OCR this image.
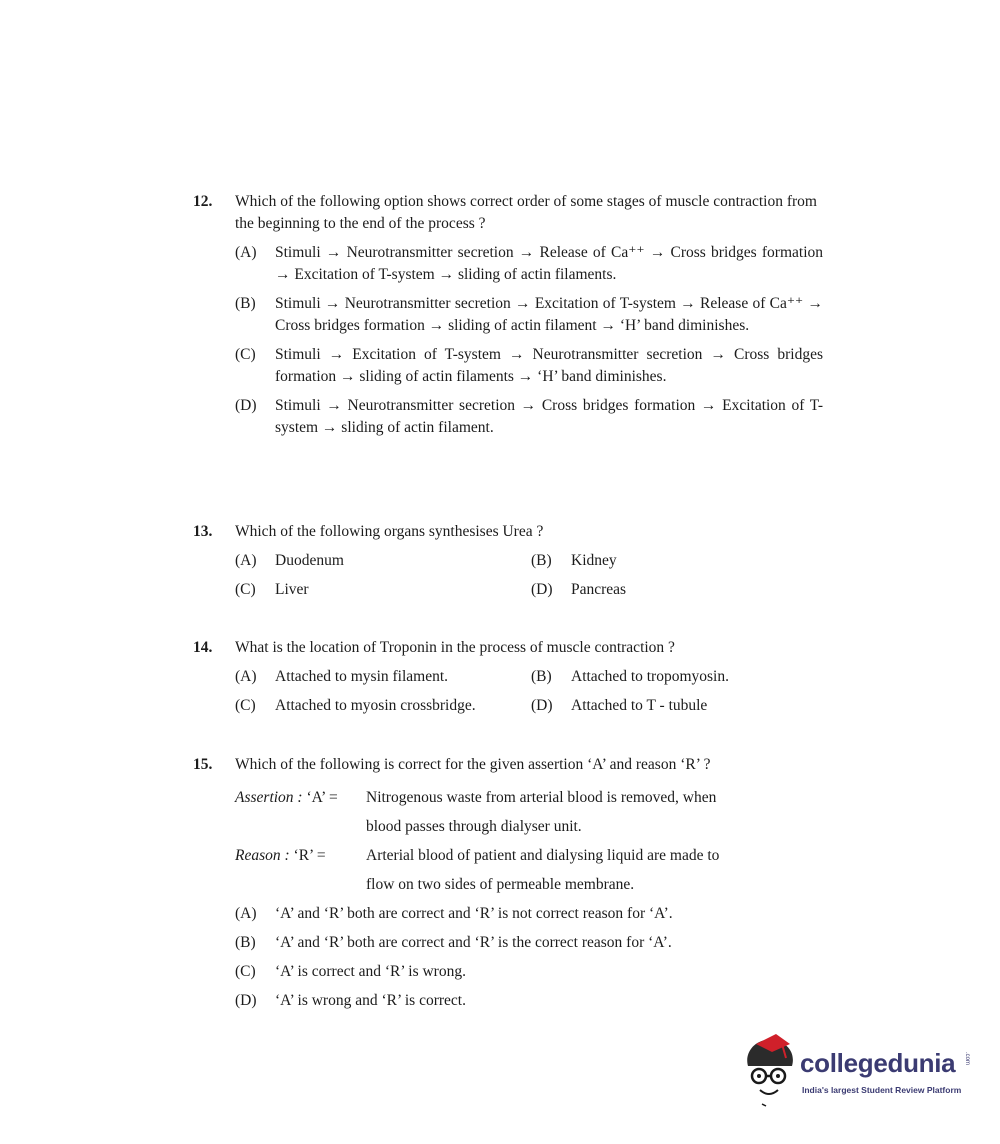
12. Which of the following option shows correct order of some stages of muscle contraction from the beginning to the end of the process ?
(A) Stimuli → Neurotransmitter secretion → Release of Ca⁺⁺ → Cross bridges formation → Excitation of T-system → sliding of actin filaments.
(B) Stimuli → Neurotransmitter secretion → Excitation of T-system → Release of Ca⁺⁺ → Cross bridges formation → sliding of actin filament → ‘H’ band diminishes.
(C) Stimuli → Excitation of T-system → Neurotransmitter secretion → Cross bridges formation → sliding of actin filaments → ‘H’ band diminishes.
(D) Stimuli → Neurotransmitter secretion → Cross bridges formation → Excitation of T-system → sliding of actin filament.
13. Which of the following organs synthesises Urea ?
(A) Duodenum	(B) Kidney
(C) Liver	(D) Pancreas
14. What is the location of Troponin in the process of muscle contraction ?
(A) Attached to mysin filament.	(B) Attached to tropomyosin.
(C) Attached to myosin crossbridge.	(D) Attached to T - tubule
15. Which of the following is correct for the given assertion ‘A’ and reason ‘R’ ?
Assertion : ‘A’ = Nitrogenous waste from arterial blood is removed, when
blood passes through dialyser unit.
Reason : ‘R’ =	Arterial blood of patient and dialysing liquid are made to
flow on two sides of permeable membrane.
(A) ‘A’ and ‘R’ both are correct and ‘R’ is not correct reason for ‘A’.
(B) ‘A’ and ‘R’ both are correct and ‘R’ is the correct reason for ‘A’.
(C) ‘A’ is correct and ‘R’ is wrong.
(D) ‘A’ is wrong and ‘R’ is correct.
collegedunia .com
India's largest Student Review Platform
